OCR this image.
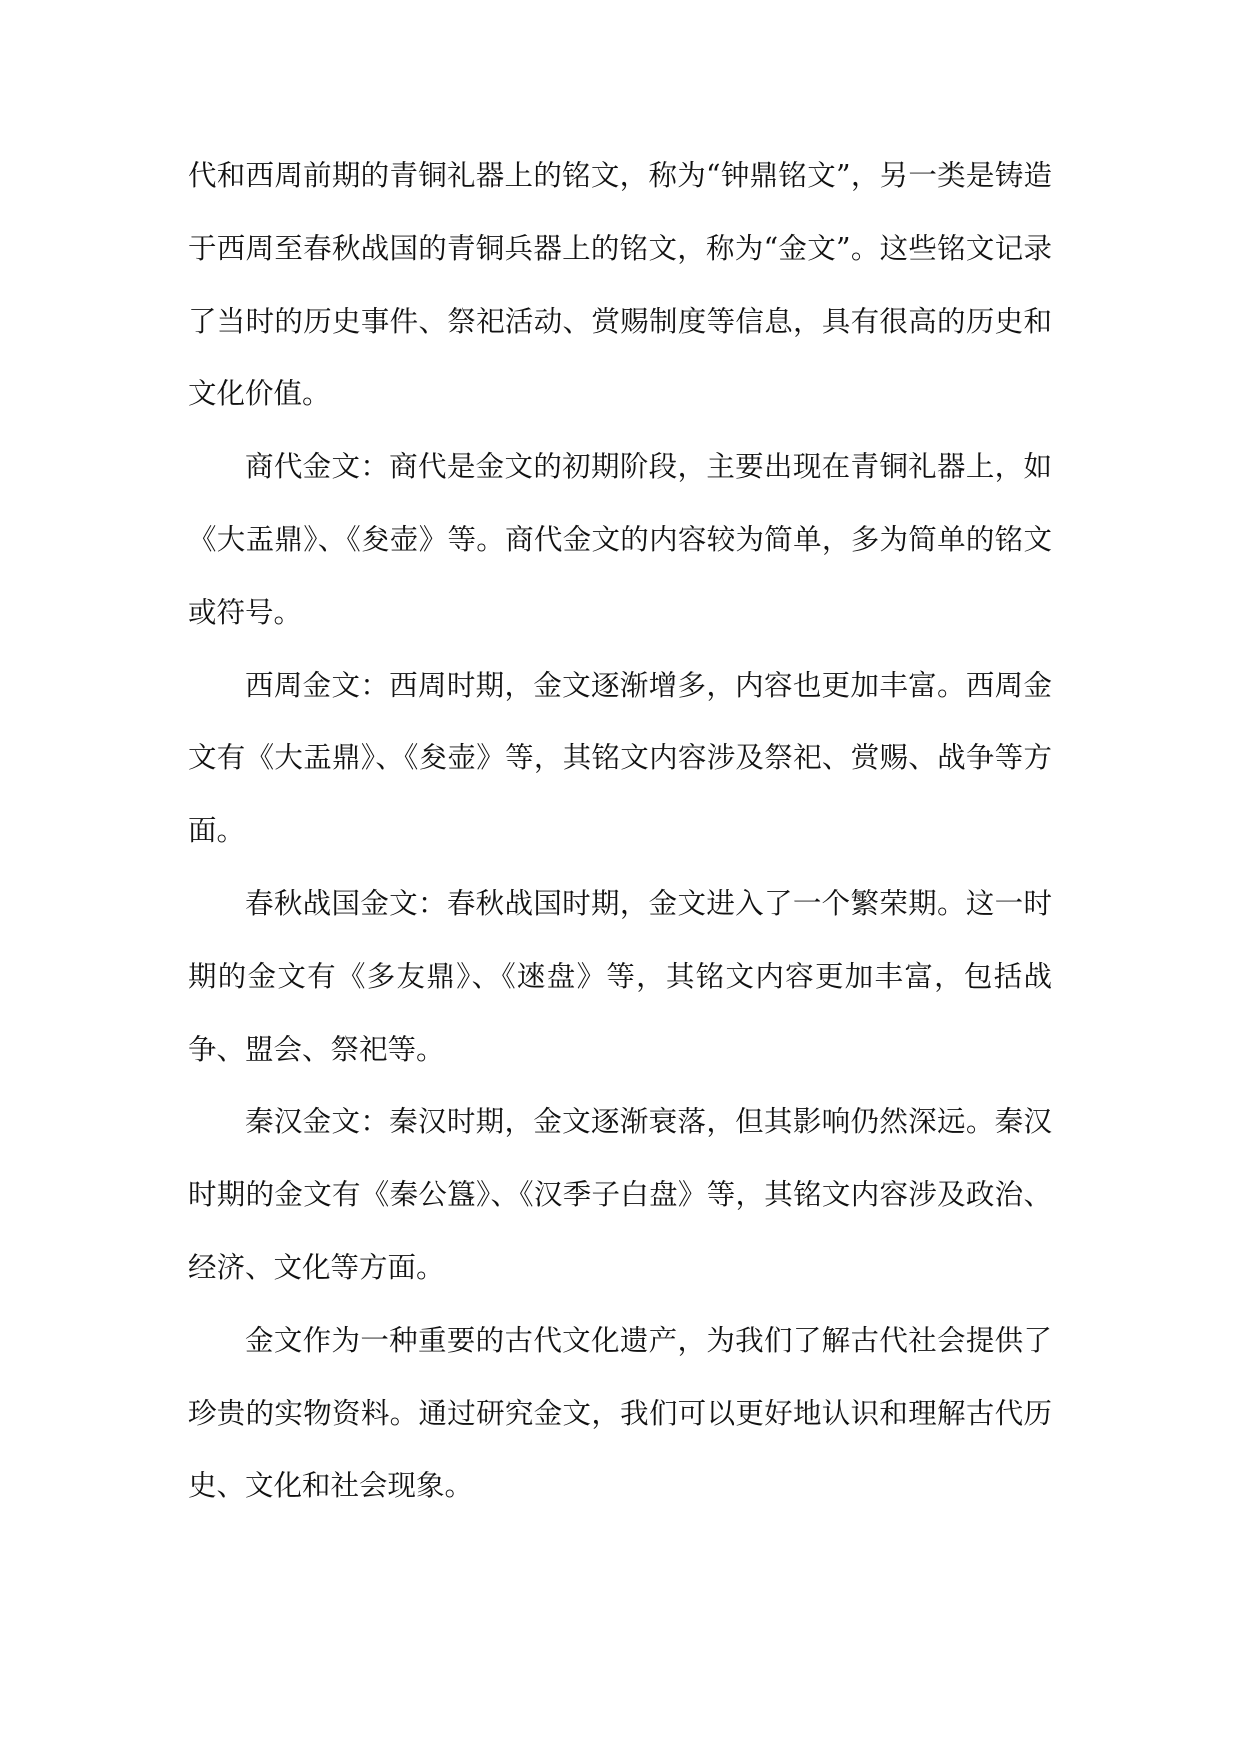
代和西周前期的青铜礼器上的铭文，称为“钟鼎铭文”，另一类是铸造于西周至春秋战国的青铜兵器上的铭文，称为“金文”。这些铭文记录了当时的历史事件、祭祀活动、赏赐制度等信息，具有很高的历史和文化价值。

商代金文：商代是金文的初期阶段，主要出现在青铜礼器上，如《大盂鼎》、《夋壶》等。商代金文的内容较为简单，多为简单的铭文或符号。

西周金文：西周时期，金文逐渐增多，内容也更加丰富。西周金文有《大盂鼎》、《夋壶》等，其铭文内容涉及祭祀、赏赐、战争等方面。

春秋战国金文：春秋战国时期，金文进入了一个繁荣期。这一时期的金文有《多友鼎》、《逨盘》等，其铭文内容更加丰富，包括战争、盟会、祭祀等。

秦汉金文：秦汉时期，金文逐渐衰落，但其影响仍然深远。秦汉时期的金文有《秦公簋》、《汉季子白盘》等，其铭文内容涉及政治、经济、文化等方面。

金文作为一种重要的古代文化遗产，为我们了解古代社会提供了珍贵的实物资料。通过研究金文，我们可以更好地认识和理解古代历史、文化和社会现象。
